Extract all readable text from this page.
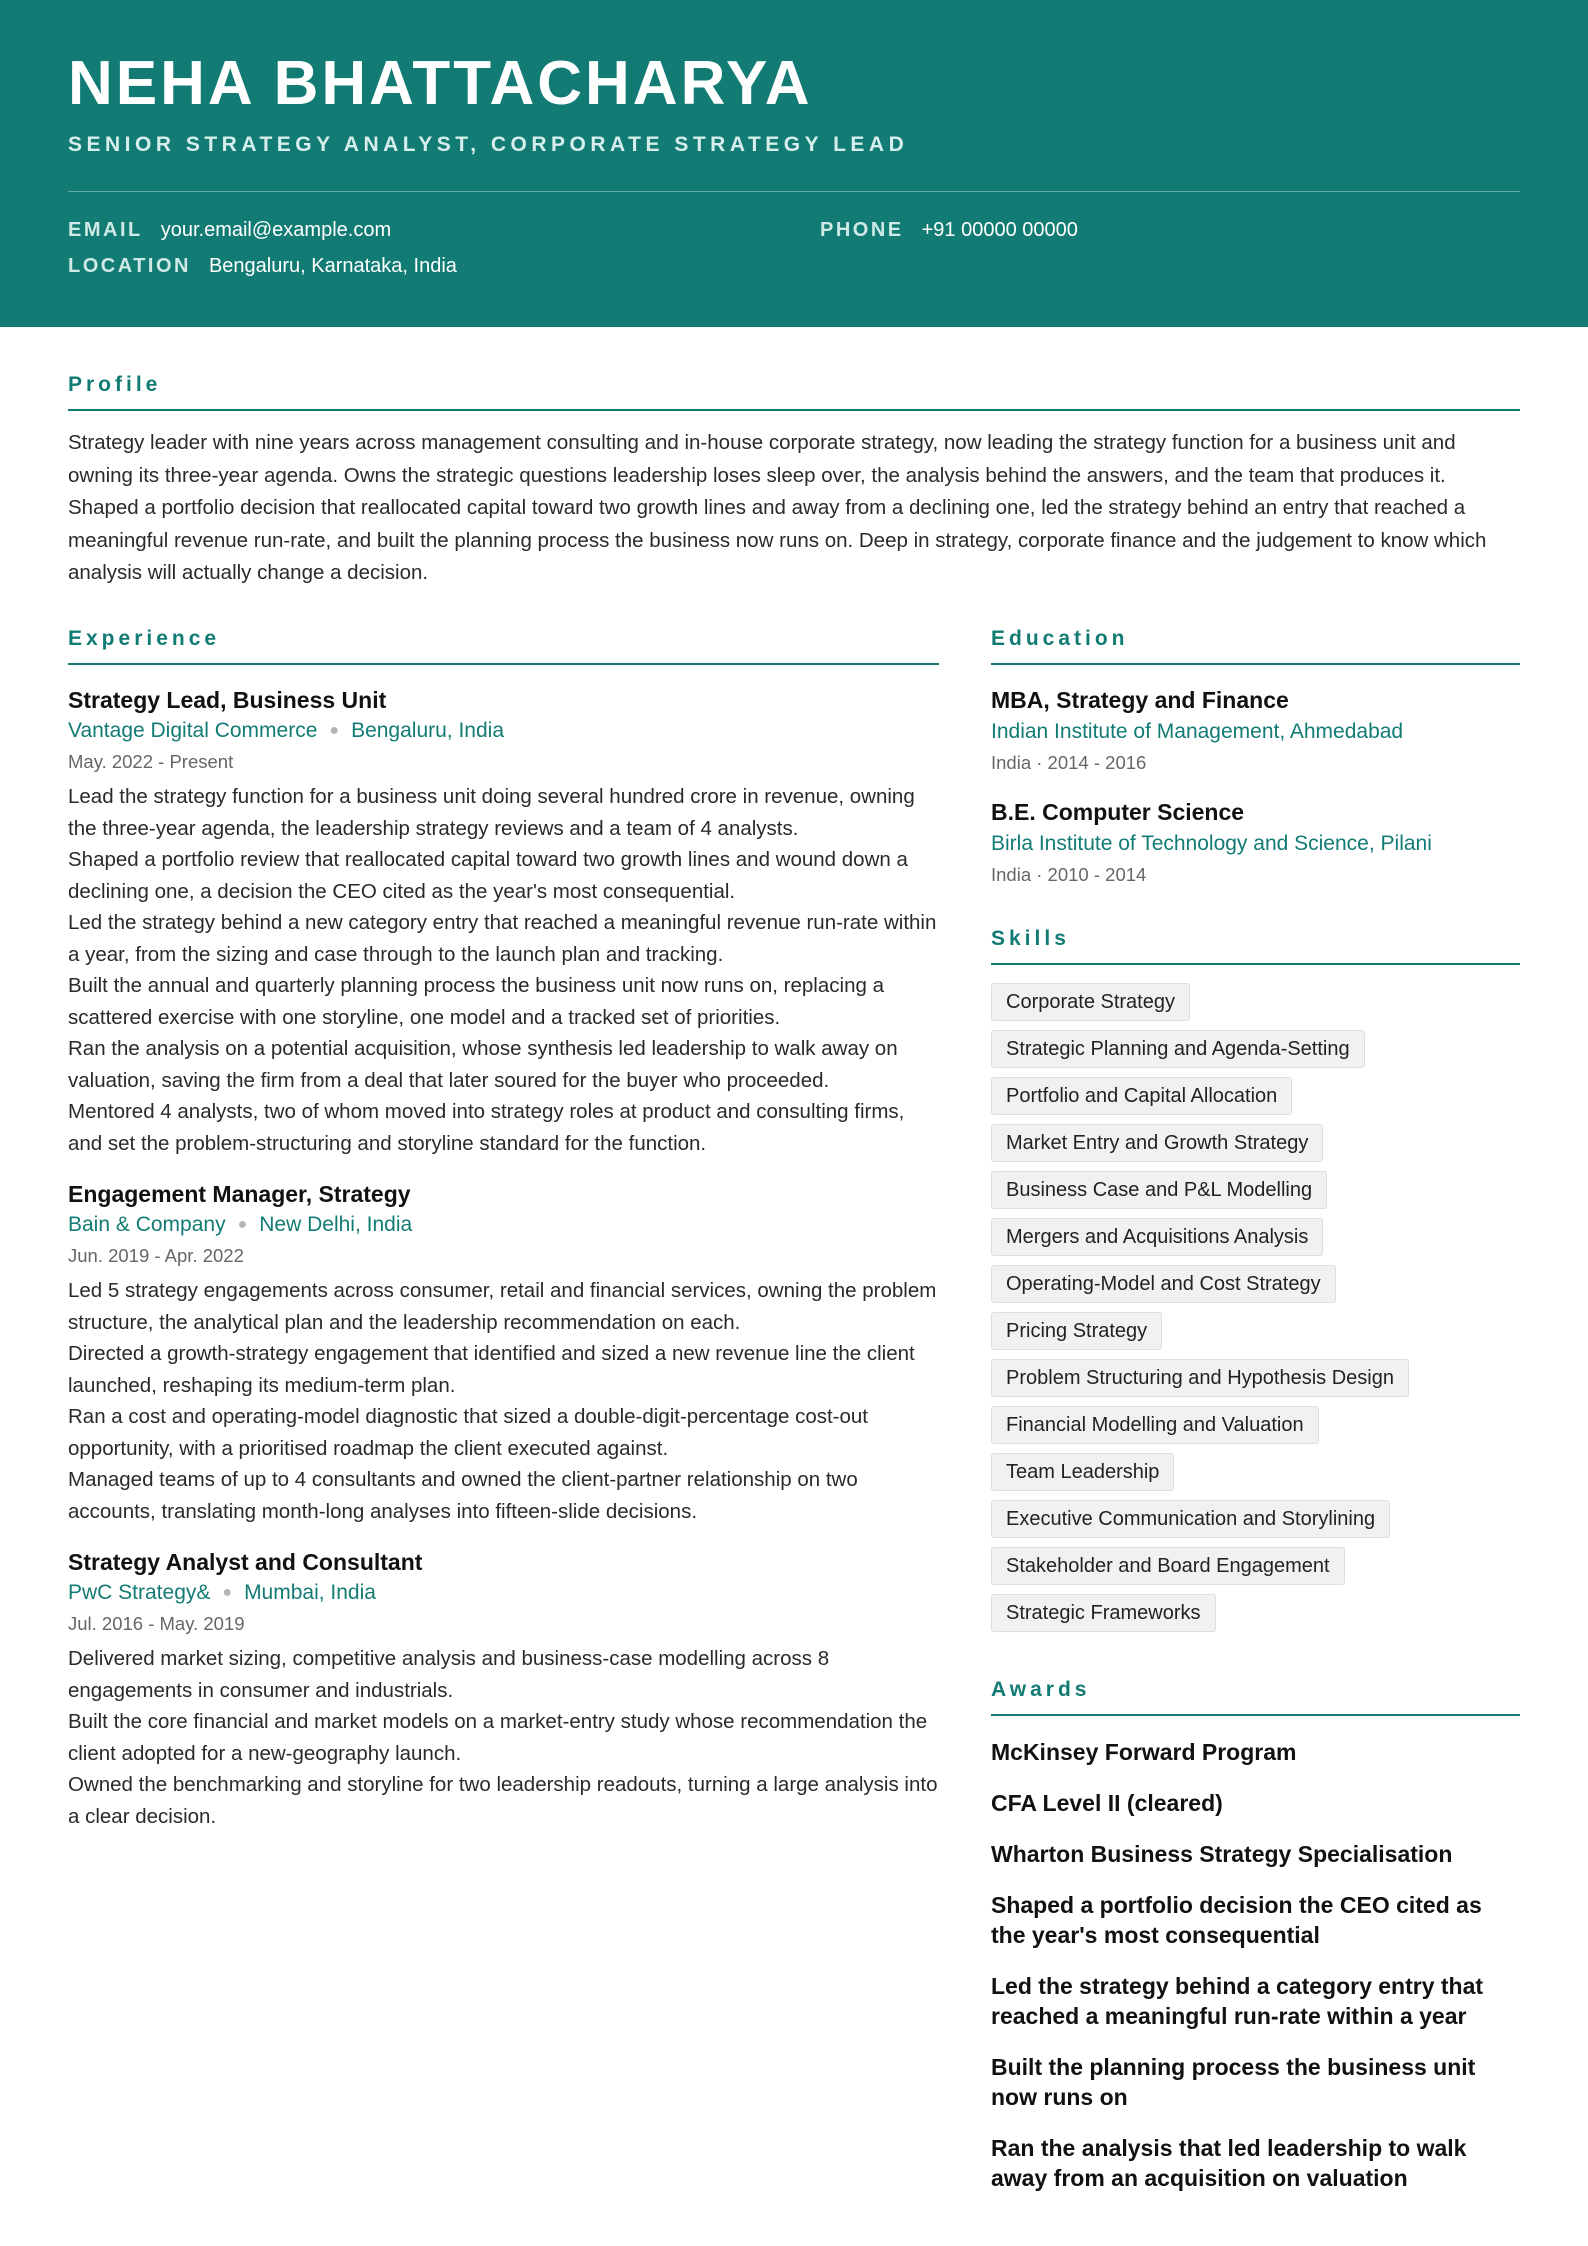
NEHA BHATTACHARYA
SENIOR STRATEGY ANALYST, CORPORATE STRATEGY LEAD
EMAIL your.email@example.com	PHONE +91 00000 00000
LOCATION Bengaluru, Karnataka, India
Profile

Strategy leader with nine years across management consulting and in-house corporate strategy, now leading the strategy function for a business unit and owning its three-year agenda. Owns the strategic questions leadership loses sleep over, the analysis behind the answers, and the team that produces it. Shaped a portfolio decision that reallocated capital toward two growth lines and away from a declining one, led the strategy behind an entry that reached a meaningful revenue run-rate, and built the planning process the business now runs on. Deep in strategy, corporate finance and the judgement to know which analysis will actually change a decision.

Experience
Strategy Lead, Business Unit
Vantage Digital Commerce ● Bengaluru, India
May. 2022 - Present
Lead the strategy function for a business unit doing several hundred crore in revenue, owning the three-year agenda, the leadership strategy reviews and a team of 4 analysts.
Shaped a portfolio review that reallocated capital toward two growth lines and wound down a declining one, a decision the CEO cited as the year's most consequential.
Led the strategy behind a new category entry that reached a meaningful revenue run-rate within a year, from the sizing and case through to the launch plan and tracking.
Built the annual and quarterly planning process the business unit now runs on, replacing a scattered exercise with one storyline, one model and a tracked set of priorities.
Ran the analysis on a potential acquisition, whose synthesis led leadership to walk away on valuation, saving the firm from a deal that later soured for the buyer who proceeded.
Mentored 4 analysts, two of whom moved into strategy roles at product and consulting firms, and set the problem-structuring and storyline standard for the function.
Engagement Manager, Strategy
Bain & Company ● New Delhi, India
Jun. 2019 - Apr. 2022
Led 5 strategy engagements across consumer, retail and financial services, owning the problem structure, the analytical plan and the leadership recommendation on each.
Directed a growth-strategy engagement that identified and sized a new revenue line the client launched, reshaping its medium-term plan.
Ran a cost and operating-model diagnostic that sized a double-digit-percentage cost-out opportunity, with a prioritised roadmap the client executed against.
Managed teams of up to 4 consultants and owned the client-partner relationship on two accounts, translating month-long analyses into fifteen-slide decisions.
Strategy Analyst and Consultant
PwC Strategy& ● Mumbai, India
Jul. 2016 - May. 2019
Delivered market sizing, competitive analysis and business-case modelling across 8 engagements in consumer and industrials.
Built the core financial and market models on a market-entry study whose recommendation the client adopted for a new-geography launch.
Owned the benchmarking and storyline for two leadership readouts, turning a large analysis into a clear decision.
Education
MBA, Strategy and Finance
Indian Institute of Management, Ahmedabad
India · 2014 - 2016
B.E. Computer Science
Birla Institute of Technology and Science, Pilani
India · 2010 - 2014
Skills
Corporate Strategy
Strategic Planning and Agenda-Setting
Portfolio and Capital Allocation
Market Entry and Growth Strategy
Business Case and P&L Modelling
Mergers and Acquisitions Analysis
Operating-Model and Cost Strategy
Pricing Strategy
Problem Structuring and Hypothesis Design
Financial Modelling and Valuation
Team Leadership
Executive Communication and Storylining
Stakeholder and Board Engagement
Strategic Frameworks
Awards
McKinsey Forward Program
CFA Level II (cleared)
Wharton Business Strategy Specialisation
Shaped a portfolio decision the CEO cited as the year's most consequential
Led the strategy behind a category entry that reached a meaningful run-rate within a year
Built the planning process the business unit now runs on
Ran the analysis that led leadership to walk away from an acquisition on valuation
